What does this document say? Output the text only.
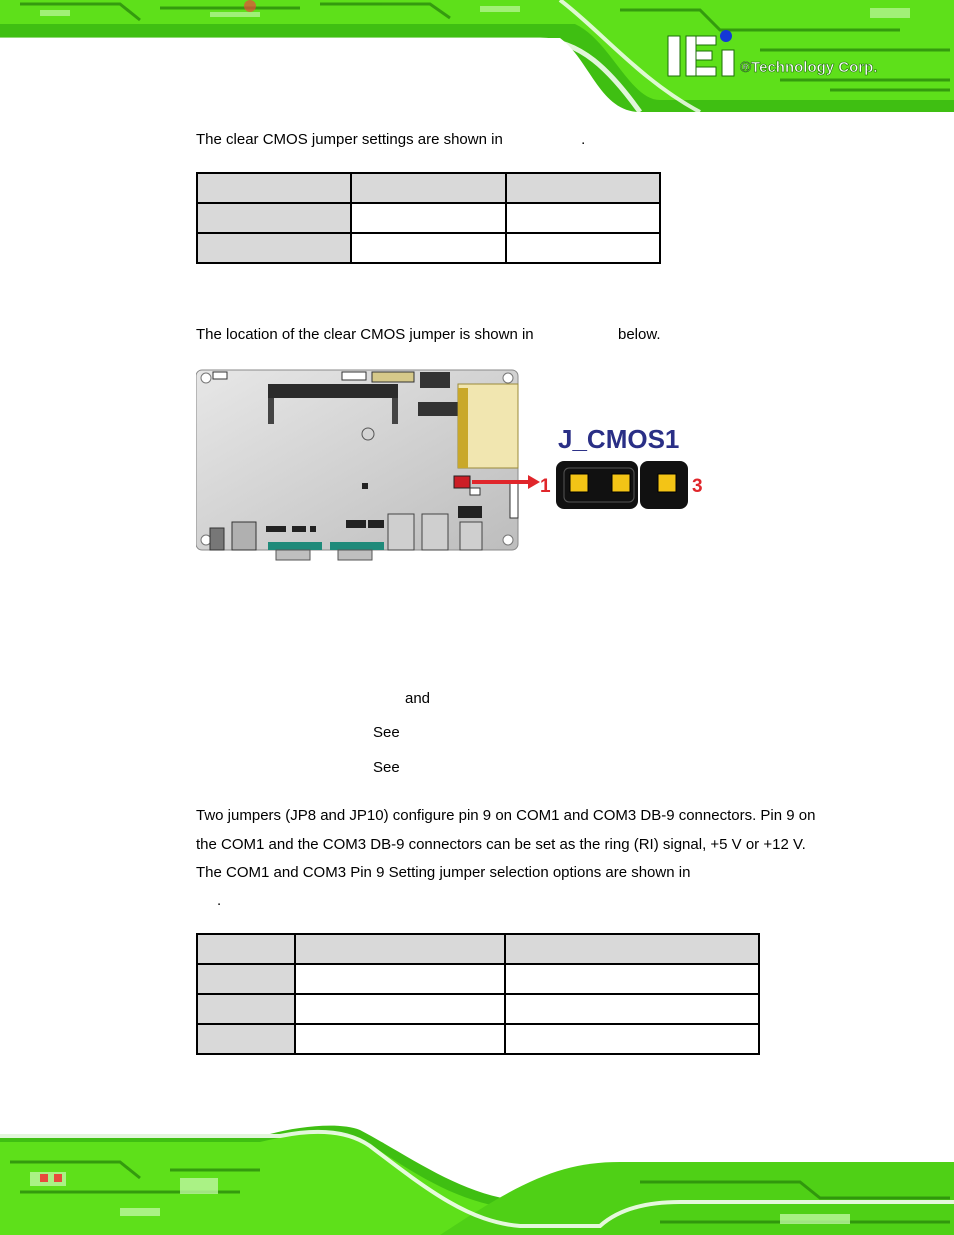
®Technology Corp.
The clear CMOS jumper settings are shown in	.

The location of the clear CMOS jumper is shown in	below.
1	3
J_CMOS1
and
See
See
Two jumpers (JP8 and JP10) configure pin 9 on COM1 and COM3 DB-9 connectors. Pin 9 on the COM1 and the COM3 DB-9 connectors can be set as the ring (RI) signal, +5 V or +12 V. The COM1 and COM3 Pin 9 Setting jumper selection options are shown in
.
